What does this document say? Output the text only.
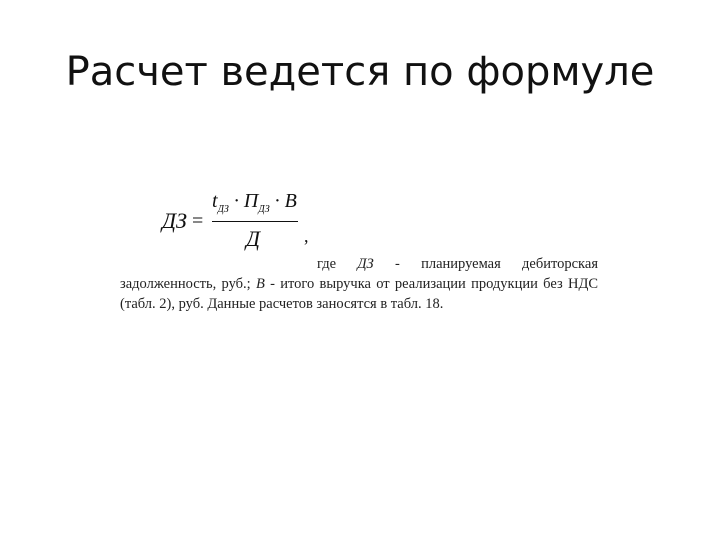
Расчет ведется по формуле
ДЗ =
$t_{ДЗ} \cdot П_{ДЗ} \cdot В$
Д ,
где ДЗ - планируемая дебиторская
задолженность, руб.; В - итого выручка от реализации продукции без НДС (табл. 2), руб. Данные расчетов заносятся в табл. 18.
